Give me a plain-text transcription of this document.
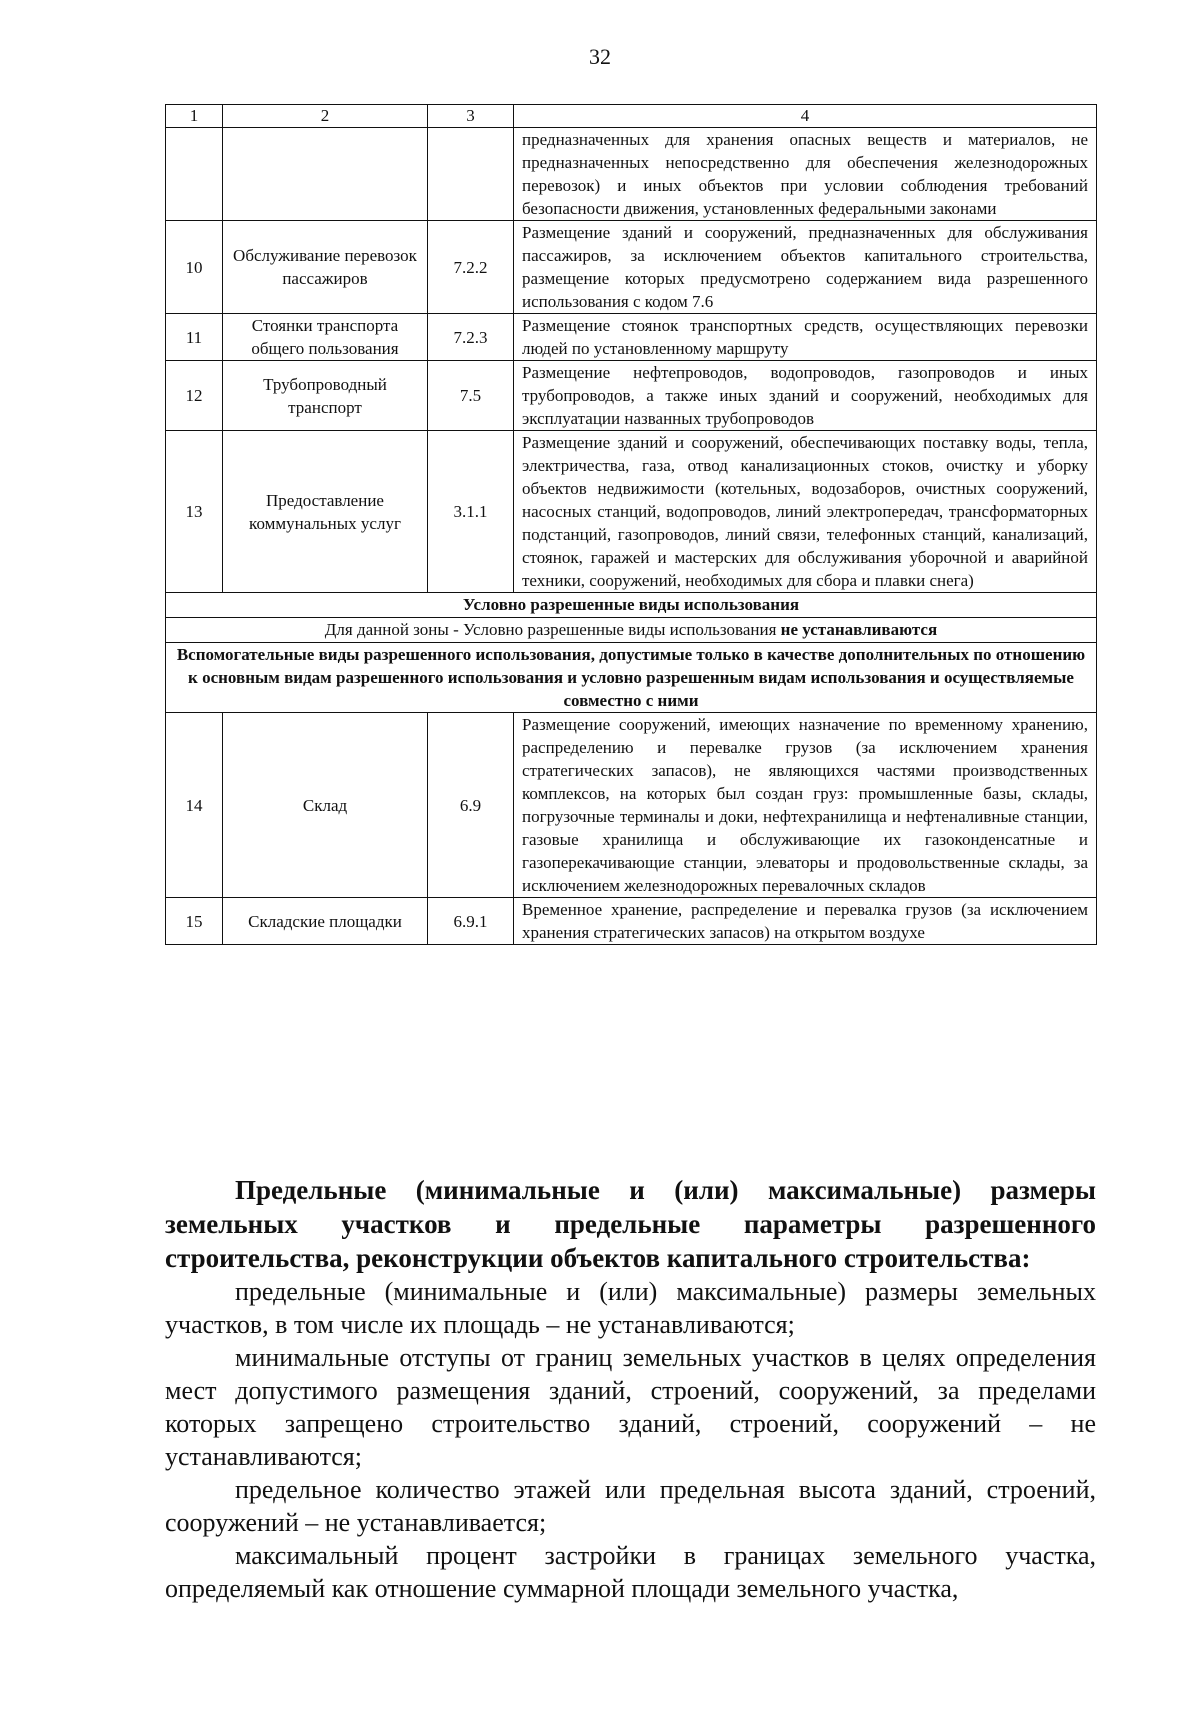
32
1	2	3	4
			предназначенных для хранения опасных веществ и материалов, не предназначенных непосредственно для обеспечения железнодорожных перевозок) и иных объектов при условии соблюдения требований безопасности движения, установленных федеральными законами
10	Обслуживание перевозок пассажиров	7.2.2	Размещение зданий и сооружений, предназначенных для обслуживания пассажиров, за исключением объектов капитального строительства, размещение которых предусмотрено содержанием вида разрешенного использования с кодом 7.6
11	Стоянки транспорта общего пользования	7.2.3	Размещение стоянок транспортных средств, осуществляющих перевозки людей по установленному маршруту
12	Трубопроводный транспорт	7.5	Размещение нефтепроводов, водопроводов, газопроводов и иных трубопроводов, а также иных зданий и сооружений, необходимых для эксплуатации названных трубопроводов
13	Предоставление коммунальных услуг	3.1.1	Размещение зданий и сооружений, обеспечивающих поставку воды, тепла, электричества, газа, отвод канализационных стоков, очистку и уборку объектов недвижимости (котельных, водозаборов, очистных сооружений, насосных станций, водопроводов, линий электропередач, трансформаторных подстанций, газопроводов, линий связи, телефонных станций, канализаций, стоянок, гаражей и мастерских для обслуживания уборочной и аварийной техники, сооружений, необходимых для сбора и плавки снега)
Условно разрешенные виды использования			
Для данной зоны - Условно разрешенные виды использования не устанавливаются			
Вспомогательные виды разрешенного использования, допустимые только в качестве дополнительных по отношению к основным видам разрешенного использования и условно разрешенным видам использования и осуществляемые совместно с ними			
14	Склад	6.9	Размещение сооружений, имеющих назначение по временному хранению, распределению и перевалке грузов (за исключением хранения стратегических запасов), не являющихся частями производственных комплексов, на которых был создан груз: промышленные базы, склады, погрузочные терминалы и доки, нефтехранилища и нефтеналивные станции, газовые хранилища и обслуживающие их газоконденсатные и газоперекачивающие станции, элеваторы и продовольственные склады, за исключением железнодорожных перевалочных складов
15	Складские площадки	6.9.1	Временное хранение, распределение и перевалка грузов (за исключением хранения стратегических запасов) на открытом воздухе
Предельные (минимальные и (или) максимальные) размеры земельных участков и предельные параметры разрешенного строительства, реконструкции объектов капитального строительства:
предельные (минимальные и (или) максимальные) размеры земельных участков, в том числе их площадь – не устанавливаются;
минимальные отступы от границ земельных участков в целях определения мест допустимого размещения зданий, строений, сооружений, за пределами которых запрещено строительство зданий, строений, сооружений – не устанавливаются;
предельное количество этажей или предельная высота зданий, строений, сооружений – не устанавливается;
максимальный процент застройки в границах земельного участка, определяемый как отношение суммарной площади земельного участка,
